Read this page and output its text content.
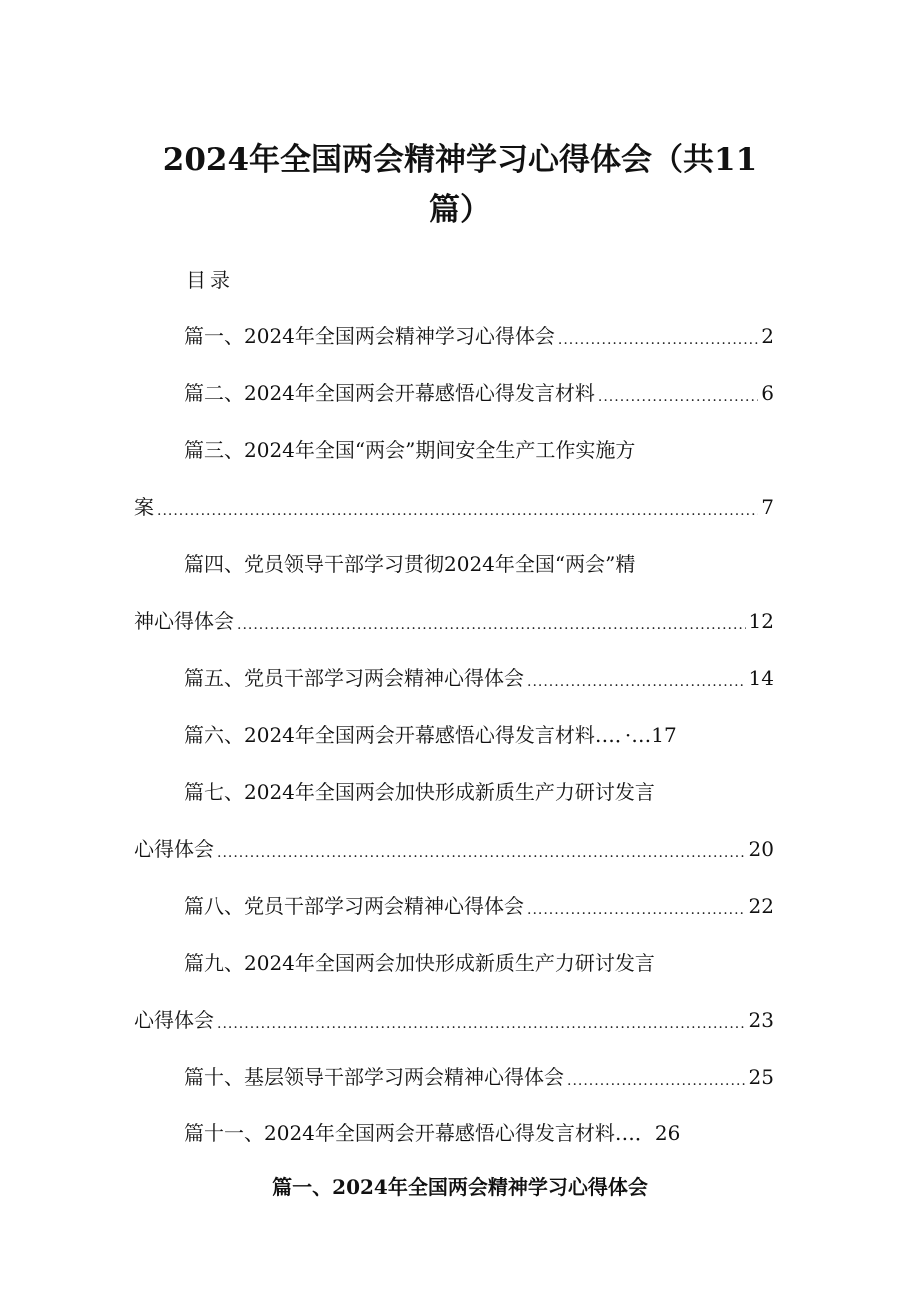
2024年全国两会精神学习心得体会（共11
篇）
目录
篇一、2024年全国两会精神学习心得体会 .....	2
篇二、2024年全国两会开幕感悟心得发言材料 .....	6
篇三、2024年全国“两会”期间安全生产工作实施方
案 .....	7
篇四、党员领导干部学习贯彻2024年全国“两会”精
神心得体会 .....	12
篇五、党员干部学习两会精神心得体会 .....	14
篇六、2024年全国两会开幕感悟心得发言材料…．·…17
篇七、2024年全国两会加快形成新质生产力研讨发言
心得体会 .....	20
篇八、党员干部学习两会精神心得体会 .....	22
篇九、2024年全国两会加快形成新质生产力研讨发言
心得体会 .....	23
篇十、基层领导干部学习两会精神心得体会 .....	25
篇十一、2024年全国两会开幕感悟心得发言材料…．26
篇一、2024年全国两会精神学习心得体会
